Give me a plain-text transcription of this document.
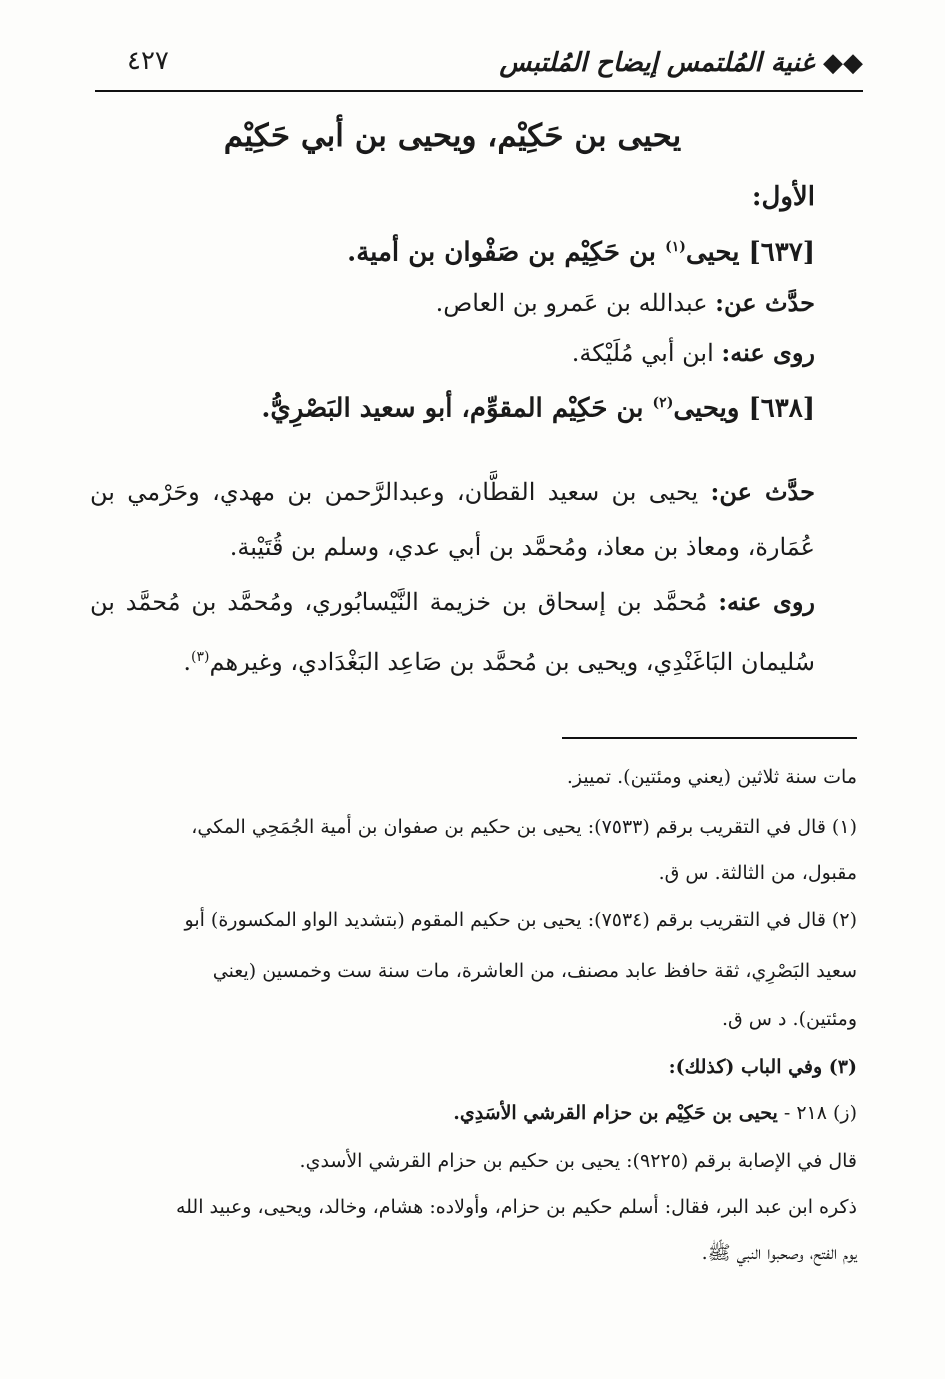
◆◆ غنية المُلتمس إيضاح المُلتبس
٤٢٧
يحيى بن حَكِيْم، ويحيى بن أبي حَكِيْم
الأول:
[٦٣٧] يحيى$^{(١)}$ بن حَكِيْم بن صَفْوان بن أمية.
حدَّث عن: عبدالله بن عَمرو بن العاص.
روى عنه: ابن أبي مُلَيْكة.
[٦٣٨] ويحيى$^{(٢)}$ بن حَكِيْم المقوِّم، أبو سعيد البَصْرِيُّ.
حدَّث عن: يحيى بن سعيد القطَّان، وعبدالرَّحمن بن مهدي، وحَرْمي بن عُمَارة، ومعاذ بن معاذ، ومُحمَّد بن أبي عدي، وسلم بن قُتَيْبة.
روى عنه: مُحمَّد بن إسحاق بن خزيمة النَّيْسابُوري، ومُحمَّد بن مُحمَّد بن سُليمان البَاغَنْدِي، ويحيى بن مُحمَّد بن صَاعِد البَغْدَادي، وغيرهم$^{(٣)}$.
مات سنة ثلاثين (يعني ومئتين). تمييز.
(١) قال في التقريب برقم (٧٥٣٣): يحيى بن حكيم بن صفوان بن أمية الجُمَحِي المكي،
مقبول، من الثالثة. س ق.
(٢) قال في التقريب برقم (٧٥٣٤): يحيى بن حكيم المقوم (بتشديد الواو المكسورة) أبو
سعيد البَصْرِي، ثقة حافظ عابد مصنف، من العاشرة، مات سنة ست وخمسين (يعني
ومئتين). د س ق.
(٣) وفي الباب (كذلك):
(ز) ٢١٨ - يحيى بن حَكِيْم بن حزام القرشي الأسَدِي.
قال في الإصابة برقم (٩٢٢٥): يحيى بن حكيم بن حزام القرشي الأسدي.
ذكره ابن عبد البر، فقال: أسلم حكيم بن حزام، وأولاده: هشام، وخالد، ويحيى، وعبيد الله
يوم الفتح، وصحبوا النبي ﷺ.
